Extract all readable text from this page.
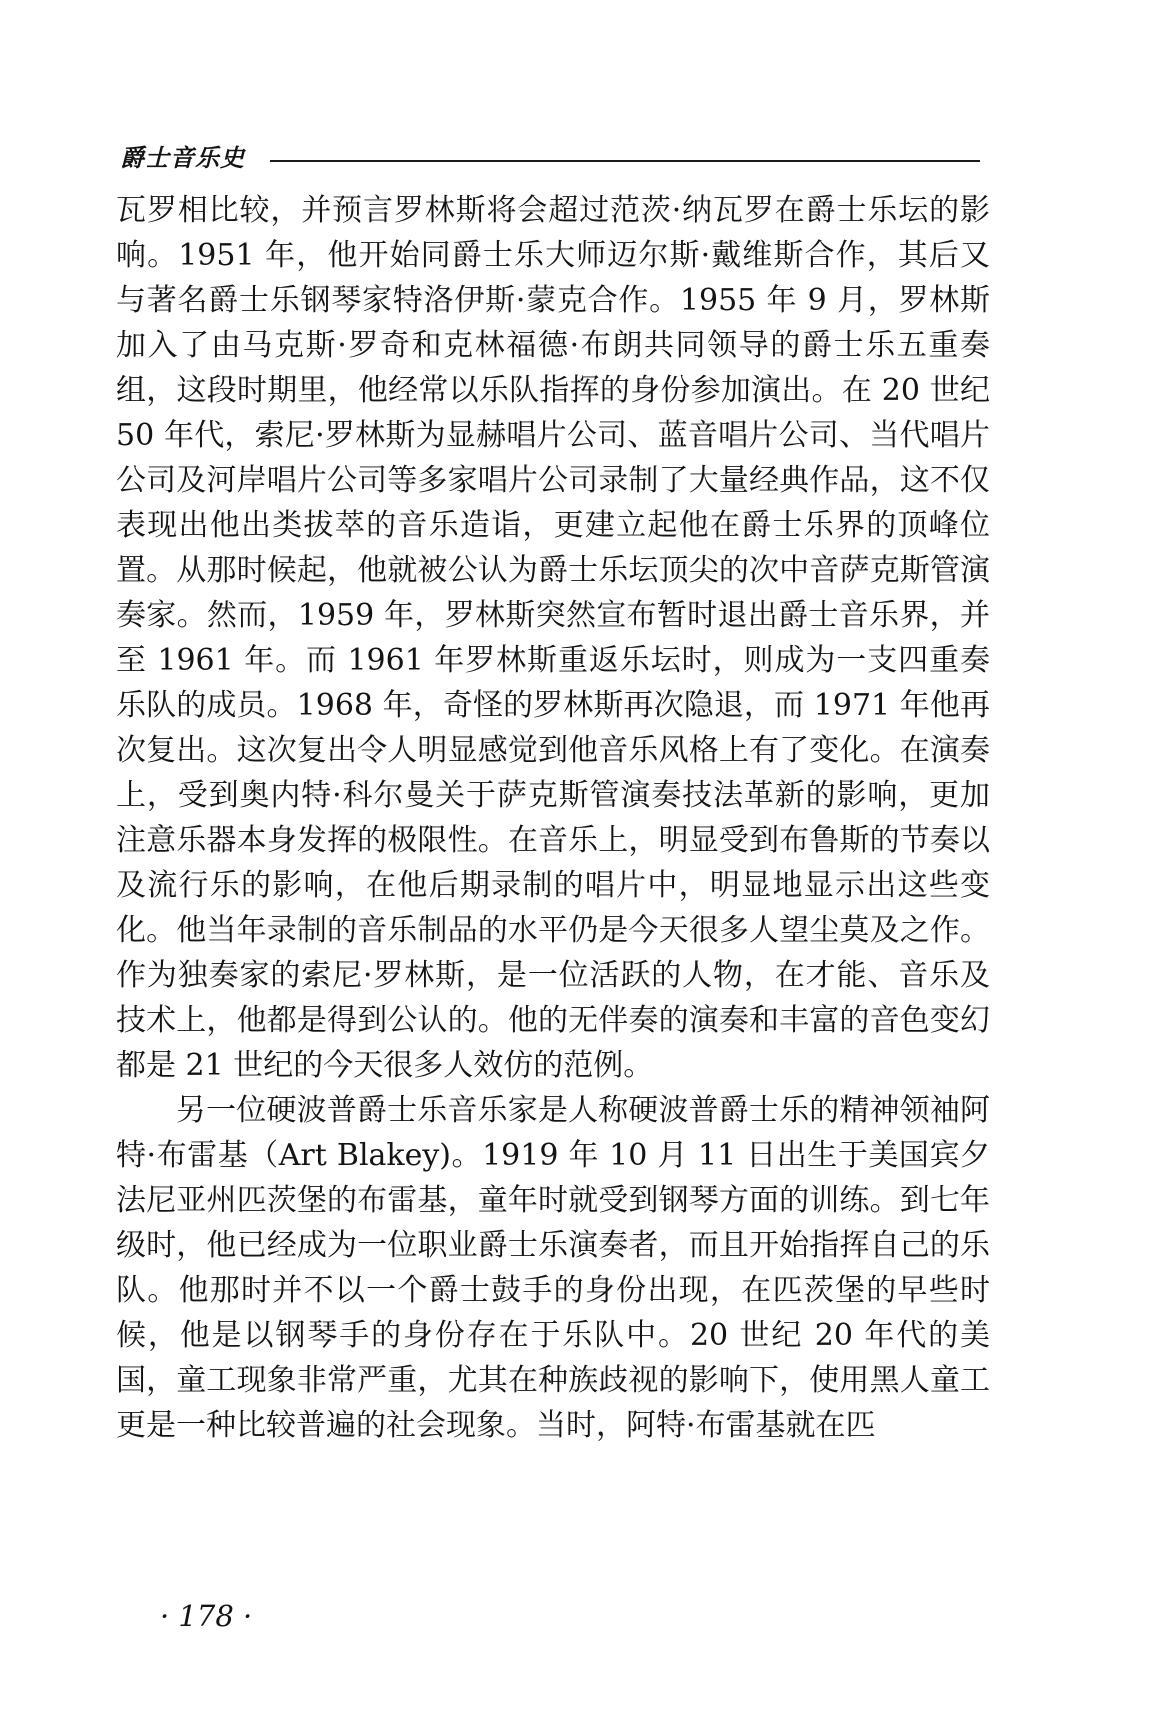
爵士音乐史

瓦罗相比较，并预言罗林斯将会超过范茨·纳瓦罗在爵士乐坛的影响。1951 年，他开始同爵士乐大师迈尔斯·戴维斯合作，其后又与著名爵士乐钢琴家特洛伊斯·蒙克合作。1955 年 9 月，罗林斯加入了由马克斯·罗奇和克林福德·布朗共同领导的爵士乐五重奏组，这段时期里，他经常以乐队指挥的身份参加演出。在 20 世纪 50 年代，索尼·罗林斯为显赫唱片公司、蓝音唱片公司、当代唱片公司及河岸唱片公司等多家唱片公司录制了大量经典作品，这不仅表现出他出类拔萃的音乐造诣，更建立起他在爵士乐界的顶峰位置。从那时候起，他就被公认为爵士乐坛顶尖的次中音萨克斯管演奏家。然而，1959 年，罗林斯突然宣布暂时退出爵士音乐界，并至 1961 年。而 1961 年罗林斯重返乐坛时，则成为一支四重奏乐队的成员。1968 年，奇怪的罗林斯再次隐退，而 1971 年他再次复出。这次复出令人明显感觉到他音乐风格上有了变化。在演奏上，受到奥内特·科尔曼关于萨克斯管演奏技法革新的影响，更加注意乐器本身发挥的极限性。在音乐上，明显受到布鲁斯的节奏以及流行乐的影响，在他后期录制的唱片中，明显地显示出这些变化。他当年录制的音乐制品的水平仍是今天很多人望尘莫及之作。作为独奏家的索尼·罗林斯，是一位活跃的人物，在才能、音乐及技术上，他都是得到公认的。他的无伴奏的演奏和丰富的音色变幻都是 21 世纪的今天很多人效仿的范例。

另一位硬波普爵士乐音乐家是人称硬波普爵士乐的精神领袖阿特·布雷基（Art Blakey)。1919 年 10 月 11 日出生于美国宾夕法尼亚州匹茨堡的布雷基，童年时就受到钢琴方面的训练。到七年级时，他已经成为一位职业爵士乐演奏者，而且开始指挥自己的乐队。他那时并不以一个爵士鼓手的身份出现，在匹茨堡的早些时候，他是以钢琴手的身份存在于乐队中。20 世纪 20 年代的美国，童工现象非常严重，尤其在种族歧视的影响下，使用黑人童工更是一种比较普遍的社会现象。当时，阿特·布雷基就在匹

· 178 ·
